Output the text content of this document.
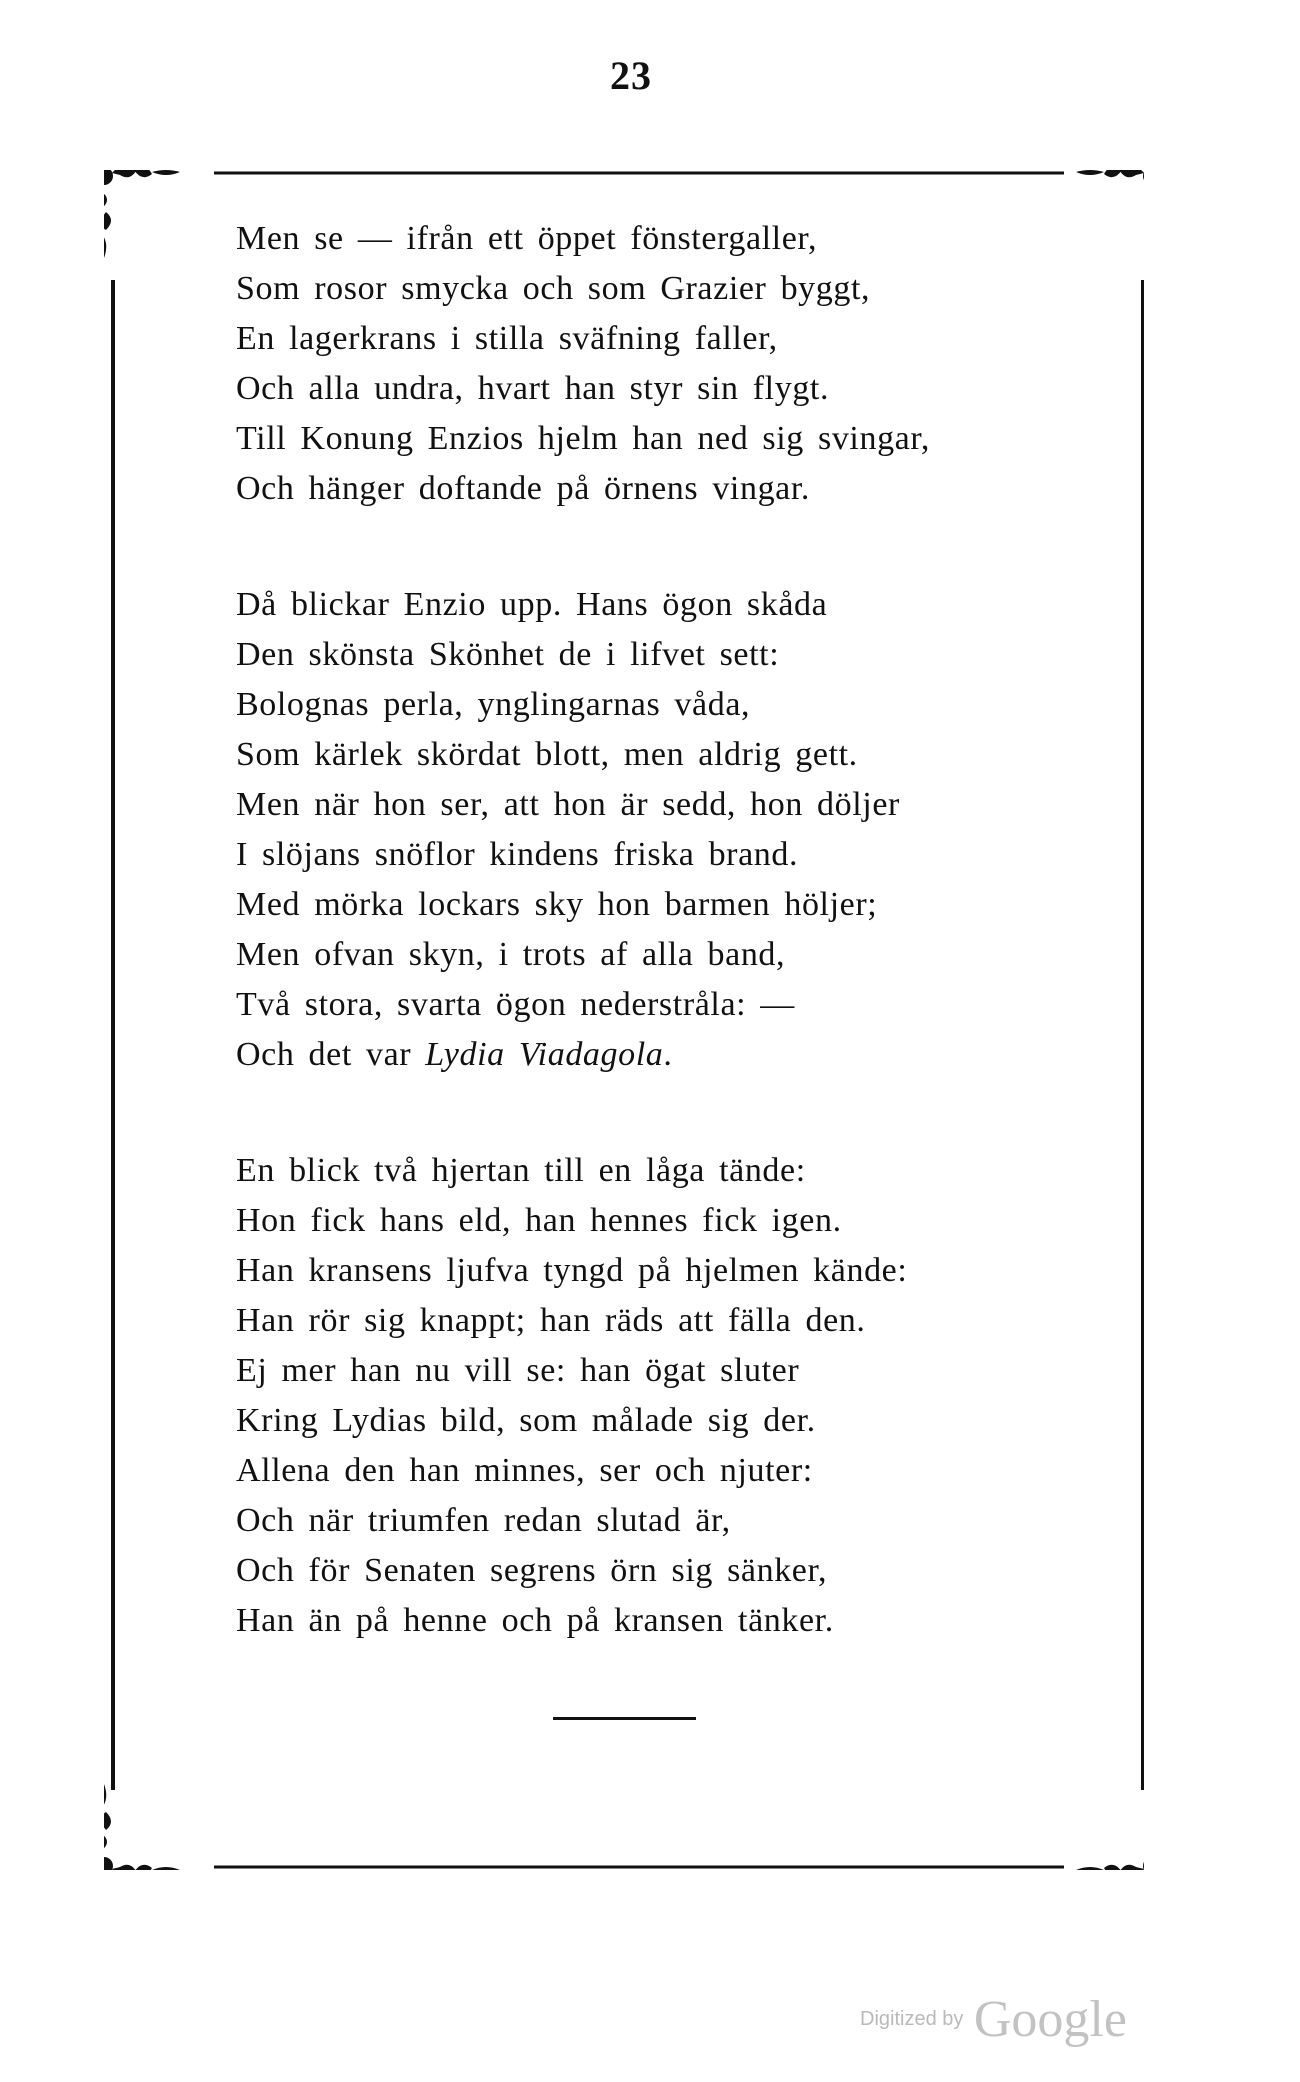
23
Men se — ifrån ett öppet fönstergaller,
Som rosor smycka och som Grazier byggt,
En lagerkrans i stilla sväfning faller,
Och alla undra, hvart han styr sin flygt.
Till Konung Enzios hjelm han ned sig svingar,
Och hänger doftande på örnens vingar.
Då blickar Enzio upp. Hans ögon skåda
Den skönsta Skönhet de i lifvet sett:
Bolognas perla, ynglingarnas våda,
Som kärlek skördat blott, men aldrig gett.
Men när hon ser, att hon är sedd, hon döljer
I slöjans snöflor kindens friska brand.
Med mörka lockars sky hon barmen höljer;
Men ofvan skyn, i trots af alla band,
Två stora, svarta ögon nederstråla: —
Och det var Lydia Viadagola.
En blick två hjertan till en låga tände:
Hon fick hans eld, han hennes fick igen.
Han kransens ljufva tyngd på hjelmen kände:
Han rör sig knappt; han räds att fälla den.
Ej mer han nu vill se: han ögat sluter
Kring Lydias bild, som målade sig der.
Allena den han minnes, ser och njuter:
Och när triumfen redan slutad är,
Och för Senaten segrens örn sig sänker,
Han än på henne och på kransen tänker.
Digitized by Google
